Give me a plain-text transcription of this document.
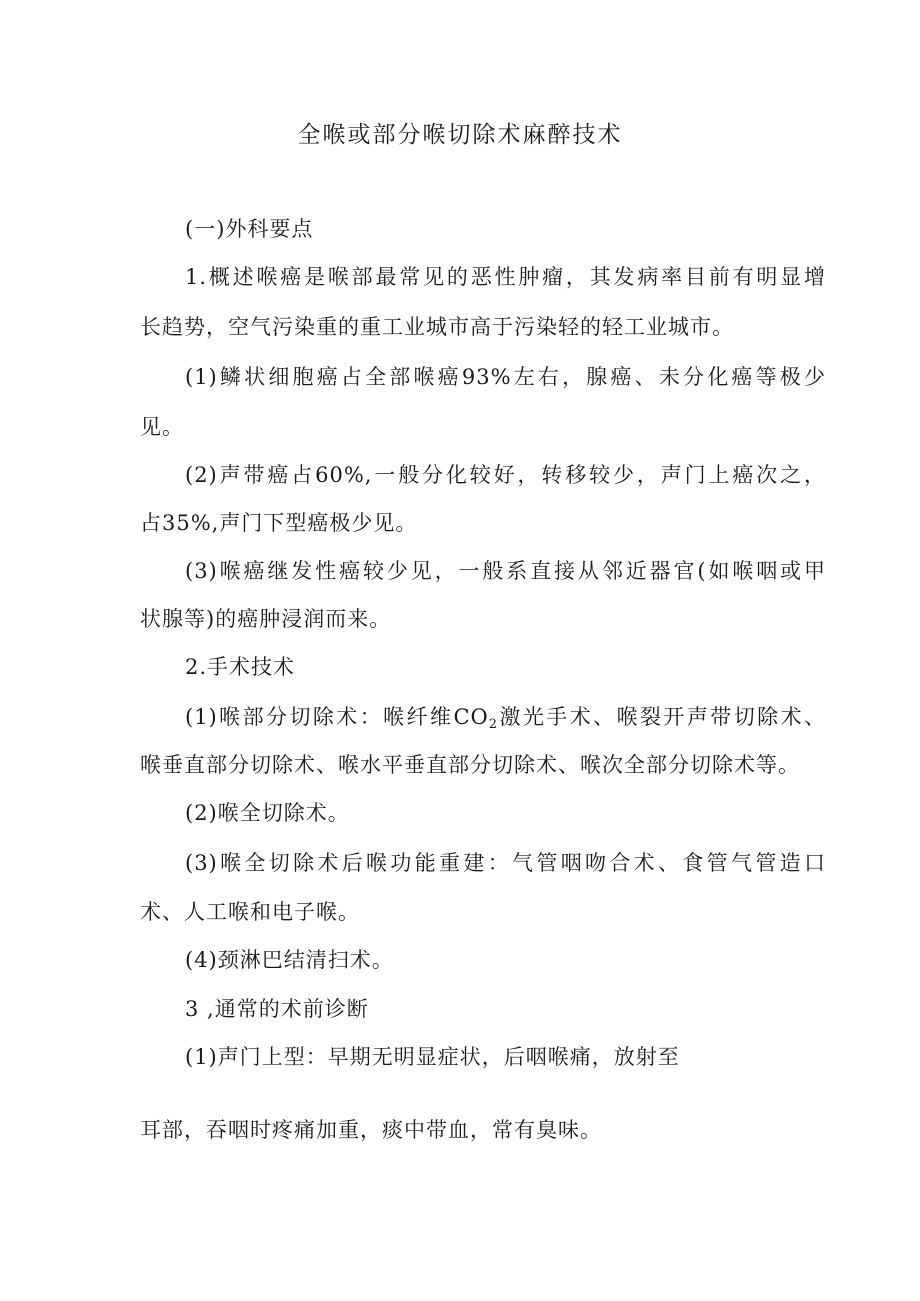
全喉或部分喉切除术麻醉技术
(一)外科要点
1.概述喉癌是喉部最常见的恶性肿瘤，其发病率目前有明显增
长趋势，空气污染重的重工业城市高于污染轻的轻工业城市。
(1)鳞状细胞癌占全部喉癌93%左右，腺癌、未分化癌等极少
见。
(2)声带癌占60%,一般分化较好，转移较少，声门上癌次之，
占35%,声门下型癌极少见。
(3)喉癌继发性癌较少见，一般系直接从邻近器官(如喉咽或甲
状腺等)的癌肿浸润而来。
2.手术技术
(1)喉部分切除术：喉纤维$CO_2$激光手术、喉裂开声带切除术、
喉垂直部分切除术、喉水平垂直部分切除术、喉次全部分切除术等。
(2)喉全切除术。
(3)喉全切除术后喉功能重建：气管咽吻合术、食管气管造口
术、人工喉和电子喉。
(4)颈淋巴结清扫术。
3 ,通常的术前诊断
(1)声门上型：早期无明显症状，后咽喉痛，放射至
耳部，吞咽时疼痛加重，痰中带血，常有臭味。
